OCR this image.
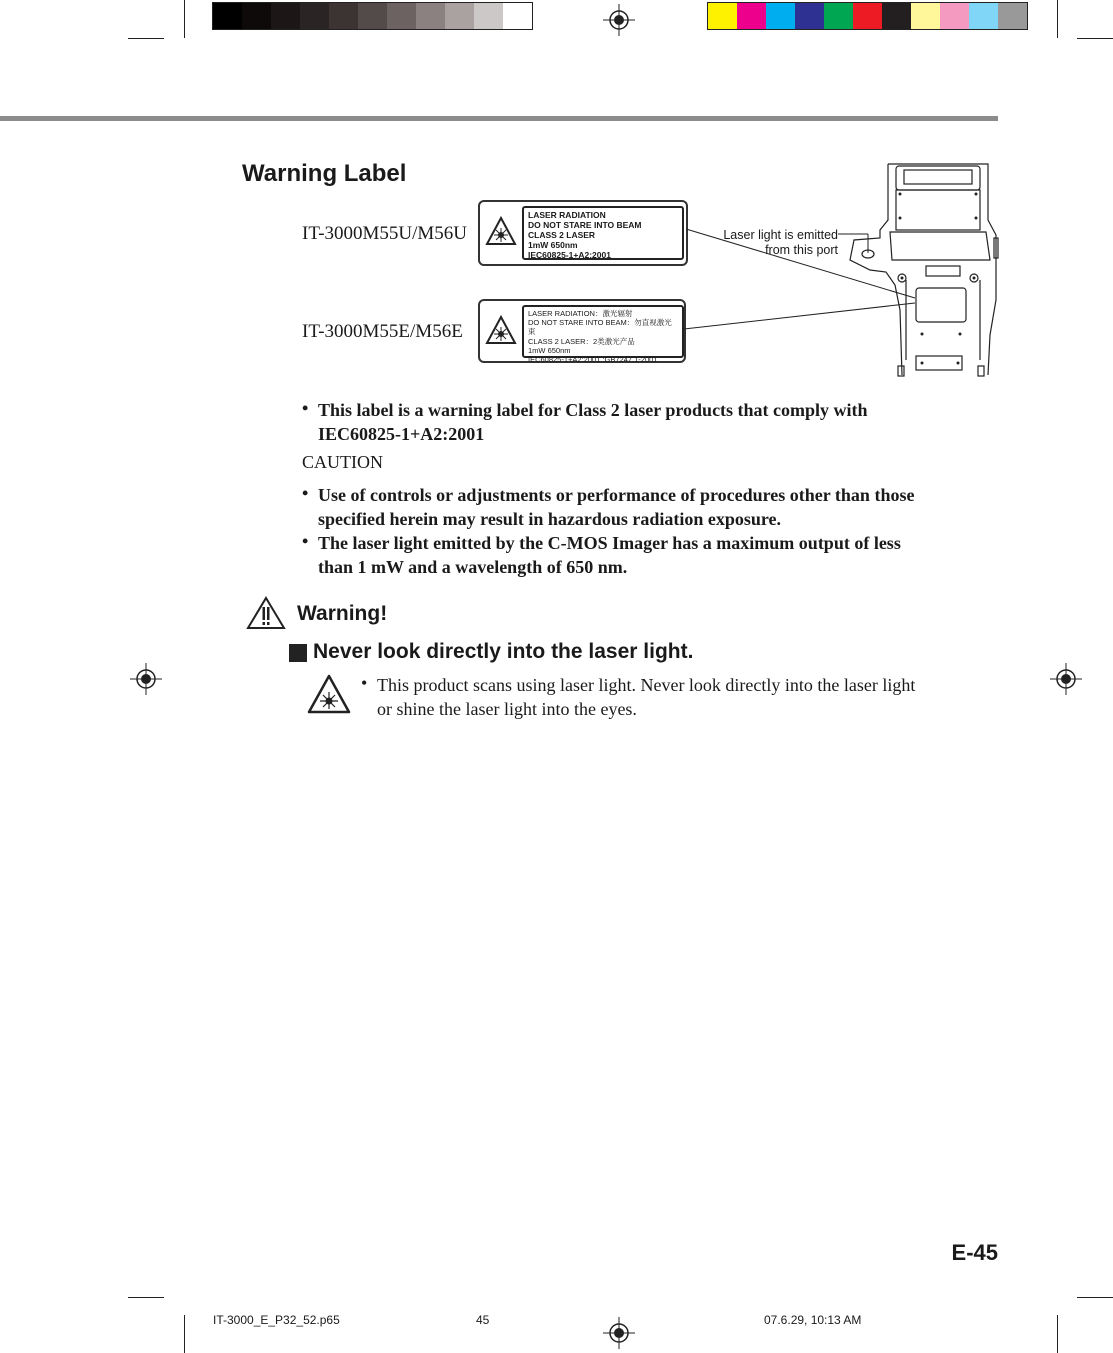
Warning Label
IT-3000M55U/M56U
LASER RADIATION
DO NOT STARE INTO BEAM
CLASS 2 LASER
1mW 650nm
IEC60825-1+A2:2001
IT-3000M55E/M56E
LASER RADIATION：激光辐射
DO NOT STARE INTO BEAM：勿直视激光束
CLASS 2 LASER：2类激光产品
1mW 650nm
IEC60825-1+A2:2001 :GB7247.1-2001
Laser light is emitted
from this port
• This label is a warning label for Class 2 laser products that comply with
IEC60825-1+A2:2001
CAUTION
• Use of controls or adjustments or performance of procedures other than those
specified herein may result in hazardous radiation exposure.
• The laser light emitted by the C-MOS Imager has a maximum output of less
than 1 mW and a wavelength of 650 nm.
Warning!
Never look directly into the laser light.
• This product scans using laser light. Never look directly into the laser light
or shine the laser light into the eyes.
E-45
IT-3000_E_P32_52.p65	45	07.6.29, 10:13 AM
